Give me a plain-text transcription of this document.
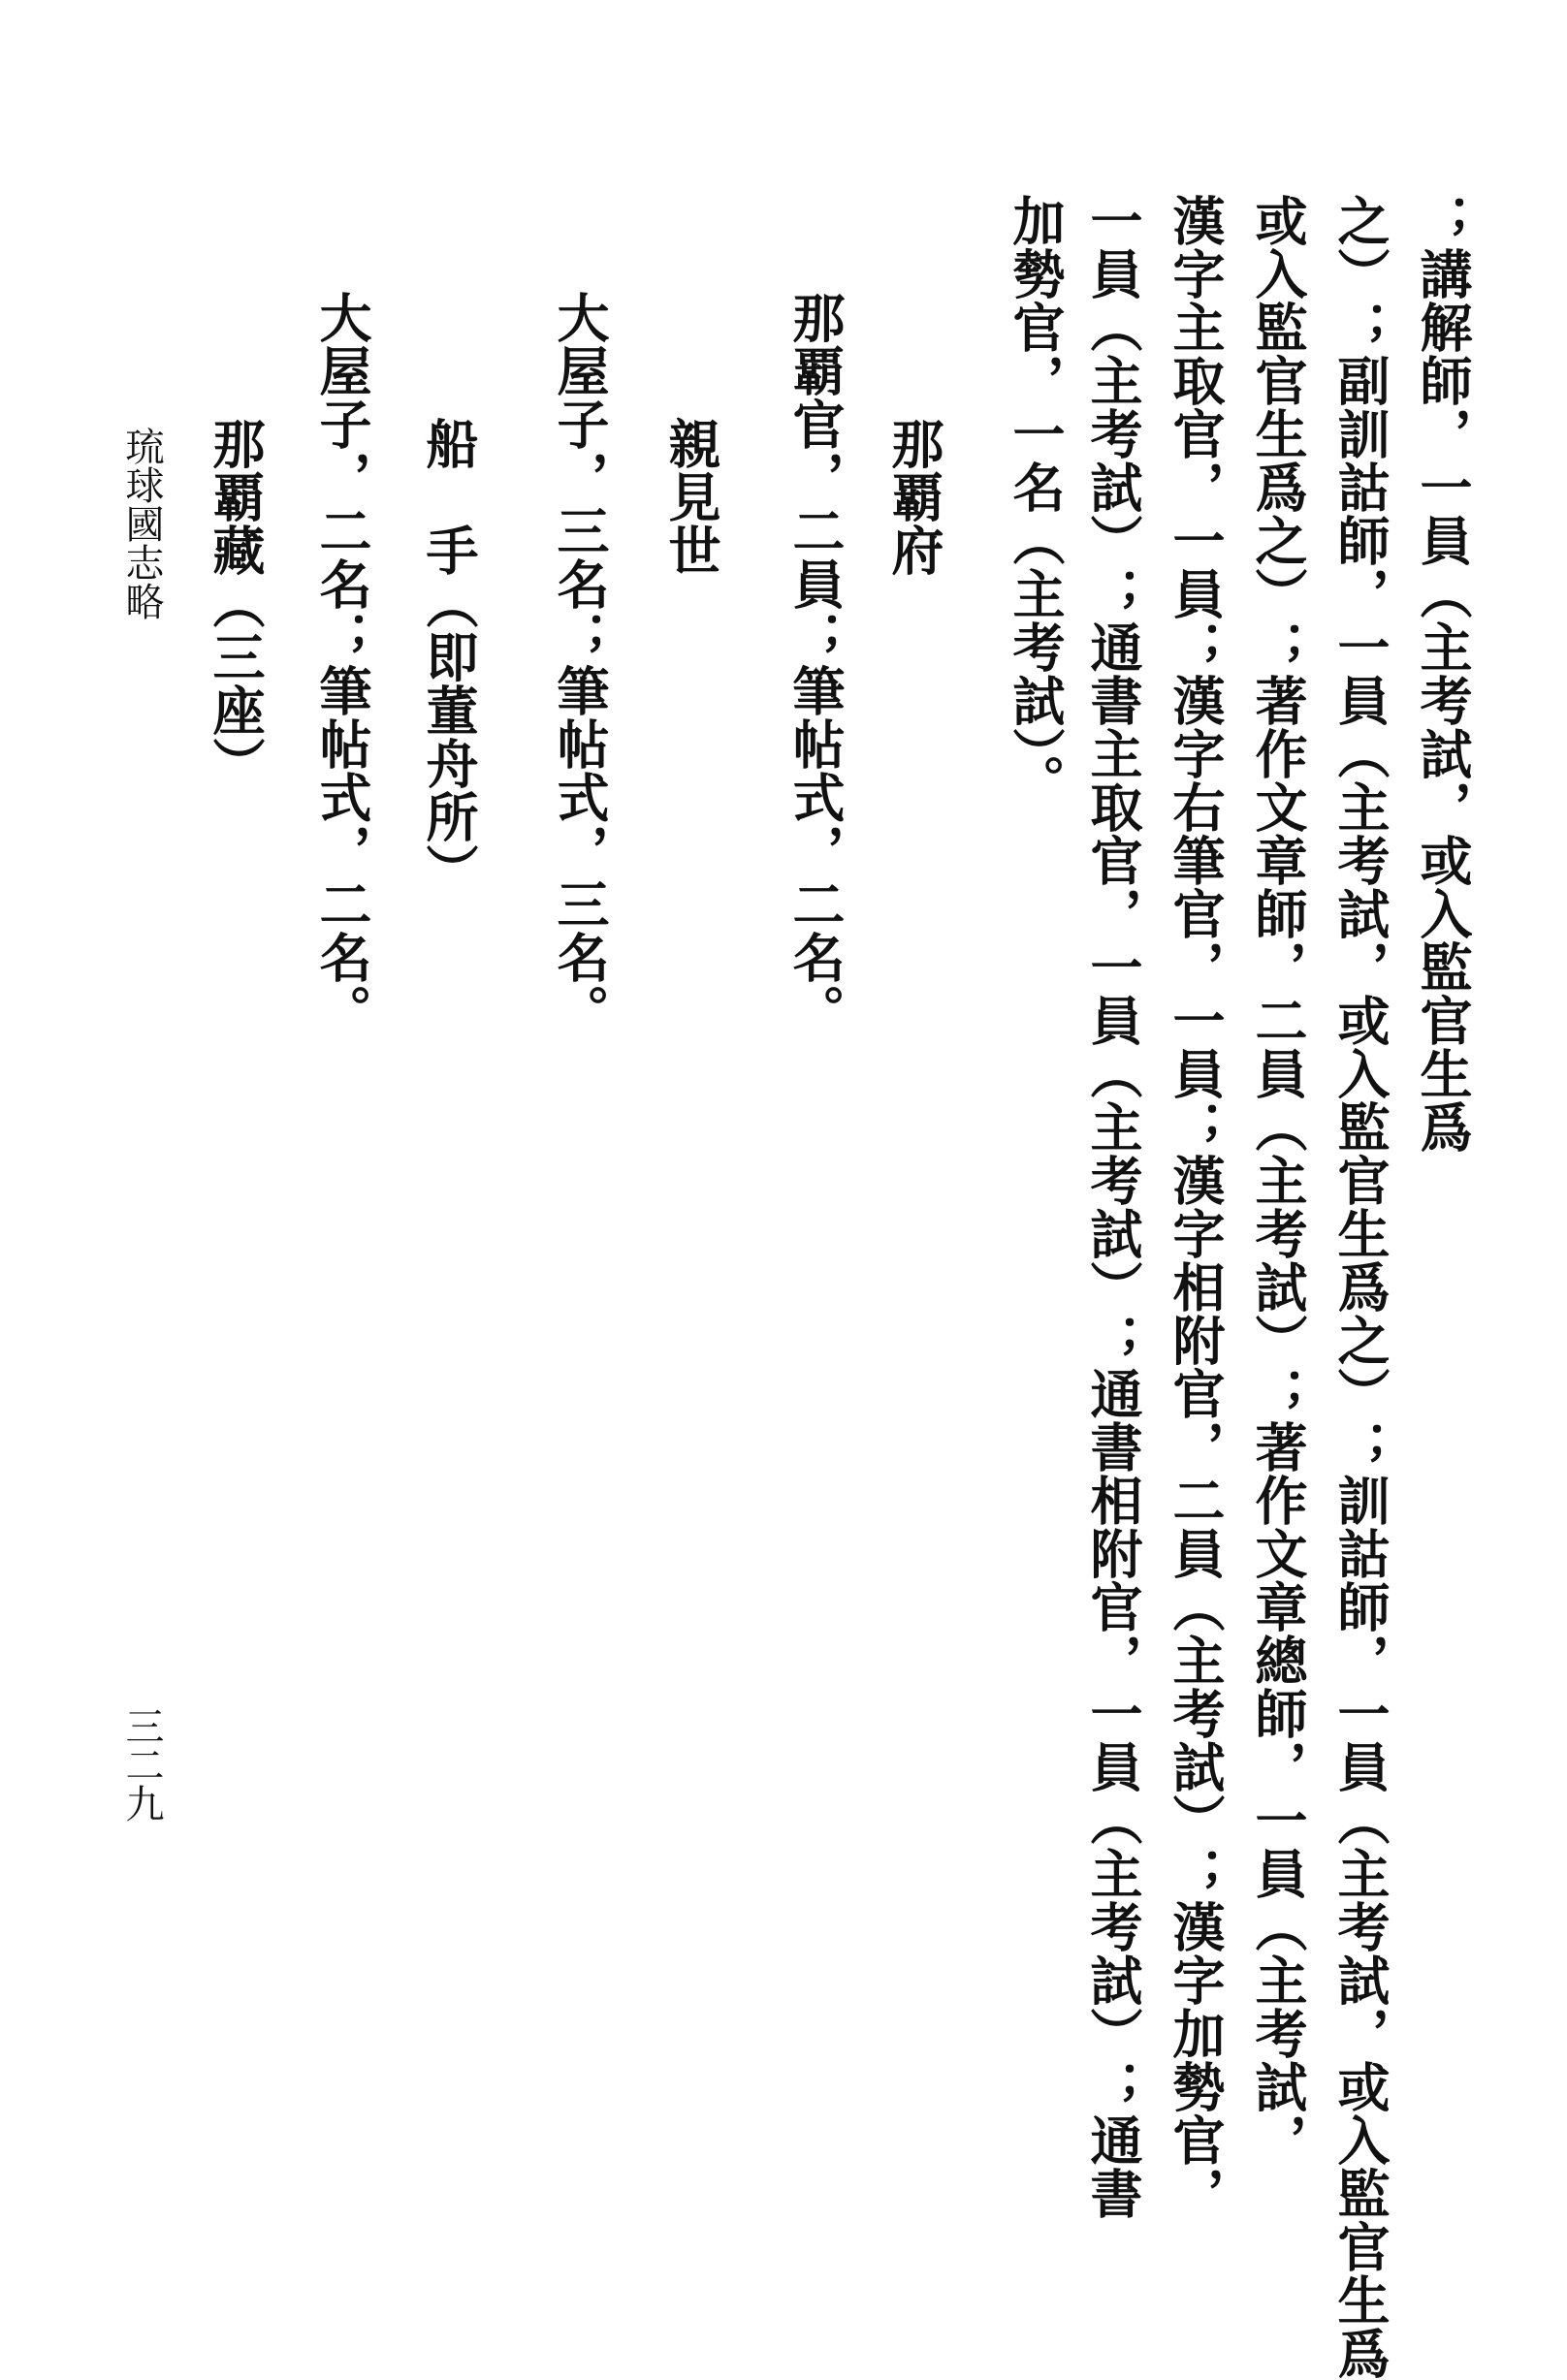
；講解師，一員（主考試，或入監官生爲

之）；副訓詁師，一員（主考試，或入監官生爲之）；訓詁師，一員（主考試，或入監官生爲

或入監官生爲之）；著作文章師，二員（主考試）；著作文章總師，一員（主考試，

漢字主取官，一員；漢字右筆官，一員；漢字相附官，二員（主考試）；漢字加勢官，

一員（主考試）；通書主取官，一員（主考試）；通書相附官，一員（主考試）；通書

加勢官，一名（主考試）。

那覇府

那覇官，二員；筆帖式，二名。

親見世

大屋子，三名；筆帖式，三名。

船　手（即董舟所）

大屋子，二名；筆帖式，二名。

那覇藏（三座）

琉球國志略

三二九
